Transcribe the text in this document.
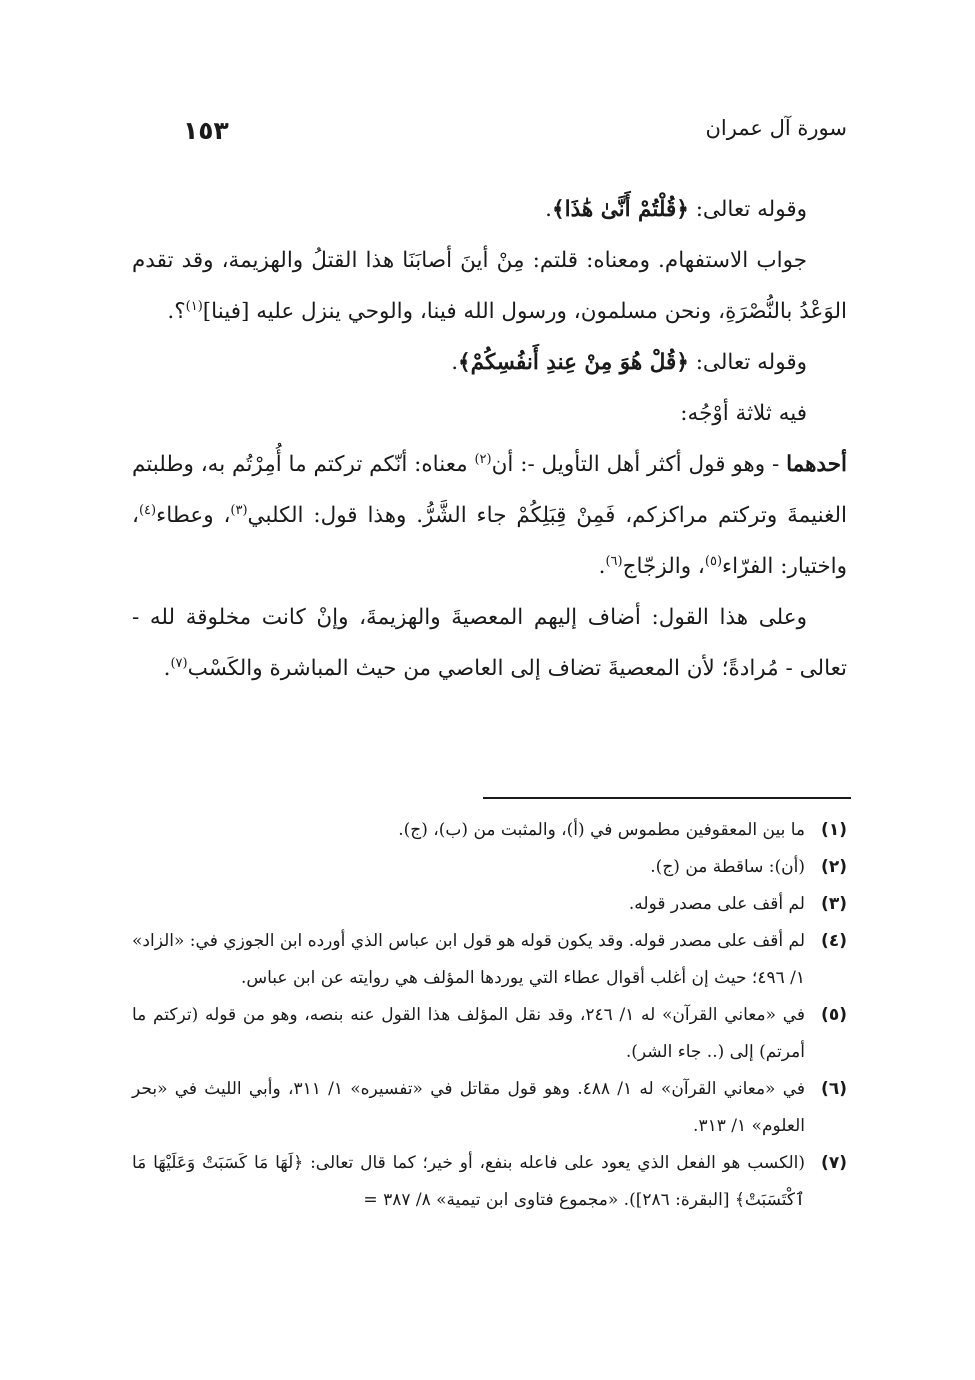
سورة آل عمران
١٥٣

وقوله تعالى: ﴿قُلْتُمْ أَنَّىٰ هَٰذَا﴾.

جواب الاستفهام. ومعناه: قلتم: مِنْ أينَ أصابَنَا هذا القتلُ والهزيمة، وقد تقدم الوَعْدُ بالنُّصْرَةِ، ونحن مسلمون، ورسول الله فينا، والوحي ينزل عليه [فينا]$^{(١)}$؟.

وقوله تعالى: ﴿قُلْ هُوَ مِنْ عِندِ أَنفُسِكُمْ﴾.

فيه ثلاثة أوْجُه:

أحدهما - وهو قول أكثر أهل التأويل -: أن$^{(٢)}$ معناه: أنّكم تركتم ما أُمِرْتُم به، وطلبتم الغنيمةَ وتركتم مراكزكم، فَمِنْ قِبَلِكُمْ جاء الشَّرُّ. وهذا قول: الكلبي$^{(٣)}$، وعطاء$^{(٤)}$، واختيار: الفرّاء$^{(٥)}$، والزجّاج$^{(٦)}$.

وعلى هذا القول: أضاف إليهم المعصيةَ والهزيمةَ، وإنْ كانت مخلوقة لله - تعالى - مُرادةً؛ لأن المعصيةَ تضاف إلى العاصي من حيث المباشرة والكَسْب$^{(٧)}$.

(١)
ما بين المعقوفين مطموس في (أ)، والمثبت من (ب)، (ج).
(٢)
(أن): ساقطة من (ج).
(٣)
لم أقف على مصدر قوله.
(٤)
لم أقف على مصدر قوله. وقد يكون قوله هو قول ابن عباس الذي أورده ابن الجوزي في: «الزاد» ١/ ٤٩٦؛ حيث إن أغلب أقوال عطاء التي يوردها المؤلف هي روايته عن ابن عباس.
(٥)
في «معاني القرآن» له ١/ ٢٤٦، وقد نقل المؤلف هذا القول عنه بنصه، وهو من قوله (تركتم ما أمرتم) إلى (.. جاء الشر).
(٦)
في «معاني القرآن» له ١/ ٤٨٨. وهو قول مقاتل في «تفسيره» ١/ ٣١١، وأبي الليث في «بحر العلوم» ١/ ٣١٣.
(٧)
(الكسب هو الفعل الذي يعود على فاعله بنفع، أو خير؛ كما قال تعالى: ﴿لَهَا مَا كَسَبَتْ وَعَلَيْهَا مَا ٱكْتَسَبَتْ﴾ [البقرة: ٢٨٦]). «مجموع فتاوى ابن تيمية» ٨/ ٣٨٧ =
